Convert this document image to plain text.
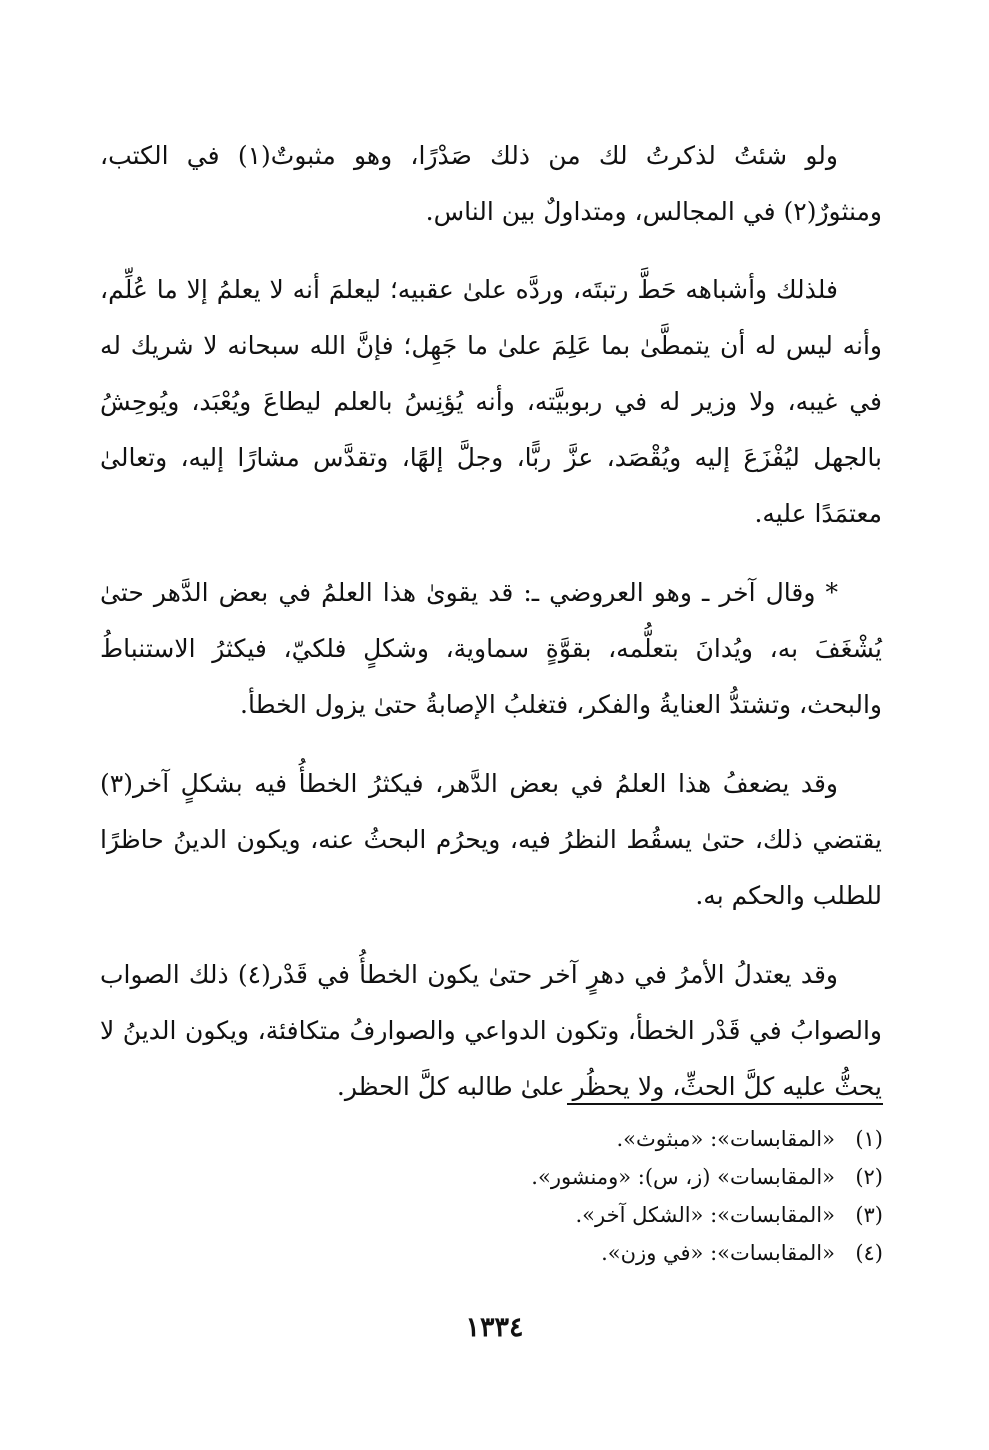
ولو شئتُ لذكرتُ لك من ذلك صَدْرًا، وهو مثبوتٌ(١) في الكتب، ومنثورٌ(٢) في المجالس، ومتداولٌ بين الناس.

فلذلك وأشباهه حَطَّ رتبتَه، وردَّه علىٰ عقبيه؛ ليعلمَ أنه لا يعلمُ إلا ما عُلِّم، وأنه ليس له أن يتمطَّىٰ بما عَلِمَ علىٰ ما جَهِل؛ فإنَّ الله سبحانه لا شريك له في غيبه، ولا وزير له في ربوبيَّته، وأنه يُؤنِسُ بالعلم ليطاعَ ويُعْبَد، ويُوحِشُ بالجهل ليُفْزَعَ إليه ويُقْصَد، عزَّ ربًّا، وجلَّ إلهًا، وتقدَّس مشارًا إليه، وتعالىٰ معتمَدًا عليه.

* وقال آخر ـ وهو العروضي ـ: قد يقوىٰ هذا العلمُ في بعض الدَّهر حتىٰ يُشْغَفَ به، ويُدانَ بتعلُّمه، بقوَّةٍ سماوية، وشكلٍ فلكيّ، فيكثرُ الاستنباطُ والبحث، وتشتدُّ العنايةُ والفكر، فتغلبُ الإصابةُ حتىٰ يزول الخطأ.

وقد يضعفُ هذا العلمُ في بعض الدَّهر، فيكثرُ الخطأُ فيه بشكلٍ آخر(٣) يقتضي ذلك، حتىٰ يسقُط النظرُ فيه، ويحرُم البحثُ عنه، ويكون الدينُ حاظرًا للطلب والحكم به.

وقد يعتدلُ الأمرُ في دهرٍ آخر حتىٰ يكون الخطأُ في قَدْر(٤) ذلك الصواب والصوابُ في قَدْر الخطأ، وتكون الدواعي والصوارفُ متكافئة، ويكون الدينُ لا يحثُّ عليه كلَّ الحثِّ، ولا يحظُر علىٰ طالبه كلَّ الحظر.

(١)«المقابسات»: «مبثوث».
(٢)«المقابسات» (ز، س): «ومنشور».
(٣)«المقابسات»: «الشكل آخر».
(٤)«المقابسات»: «في وزن».
١٣٣٤
